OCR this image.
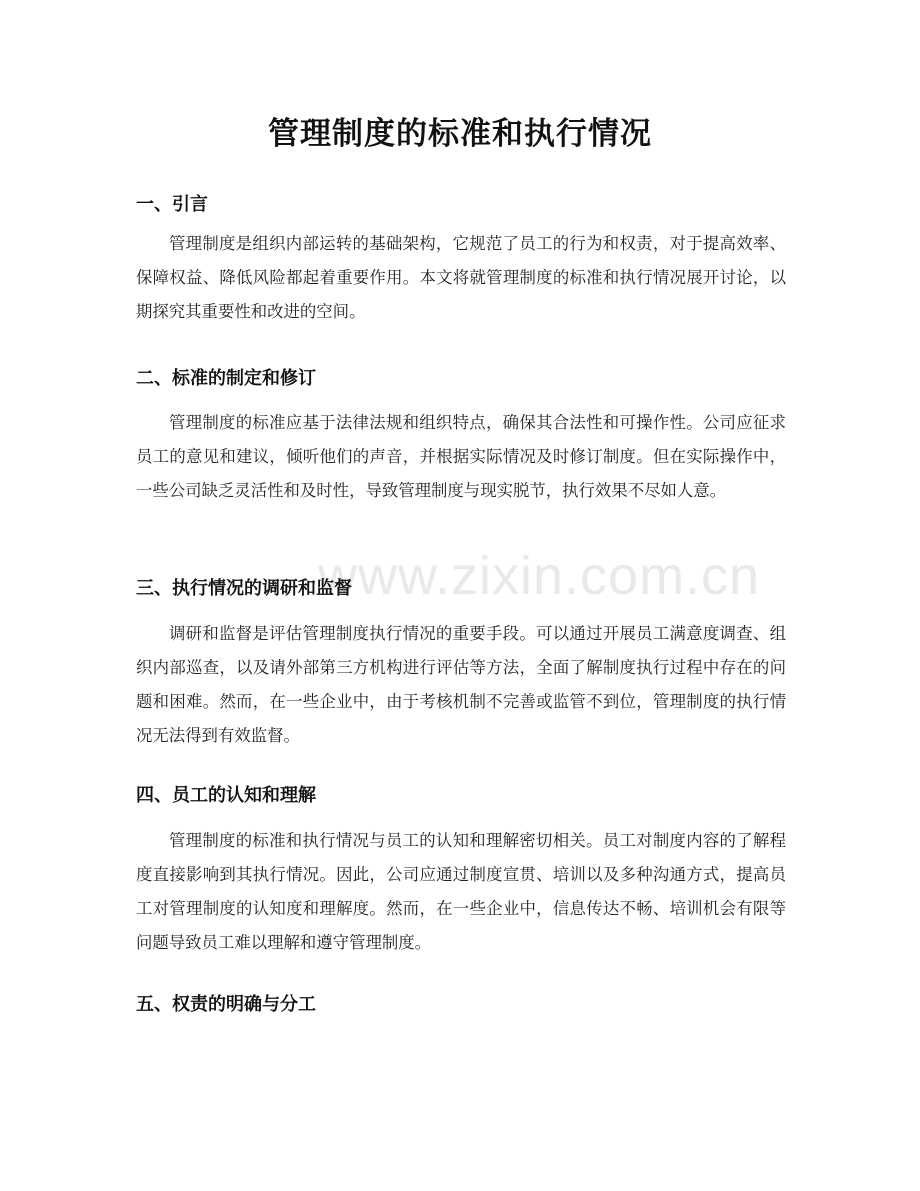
www.zixin.com.cn
管理制度的标准和执行情况
一、引言

管理制度是组织内部运转的基础架构，它规范了员工的行为和权责，对于提高效率、保障权益、降低风险都起着重要作用。本文将就管理制度的标准和执行情况展开讨论，以期探究其重要性和改进的空间。

二、标准的制定和修订

管理制度的标准应基于法律法规和组织特点，确保其合法性和可操作性。公司应征求员工的意见和建议，倾听他们的声音，并根据实际情况及时修订制度。但在实际操作中，一些公司缺乏灵活性和及时性，导致管理制度与现实脱节，执行效果不尽如人意。

三、执行情况的调研和监督

调研和监督是评估管理制度执行情况的重要手段。可以通过开展员工满意度调查、组织内部巡查，以及请外部第三方机构进行评估等方法，全面了解制度执行过程中存在的问题和困难。然而，在一些企业中，由于考核机制不完善或监管不到位，管理制度的执行情况无法得到有效监督。

四、员工的认知和理解

管理制度的标准和执行情况与员工的认知和理解密切相关。员工对制度内容的了解程度直接影响到其执行情况。因此，公司应通过制度宣贯、培训以及多种沟通方式，提高员工对管理制度的认知度和理解度。然而，在一些企业中，信息传达不畅、培训机会有限等问题导致员工难以理解和遵守管理制度。

五、权责的明确与分工
